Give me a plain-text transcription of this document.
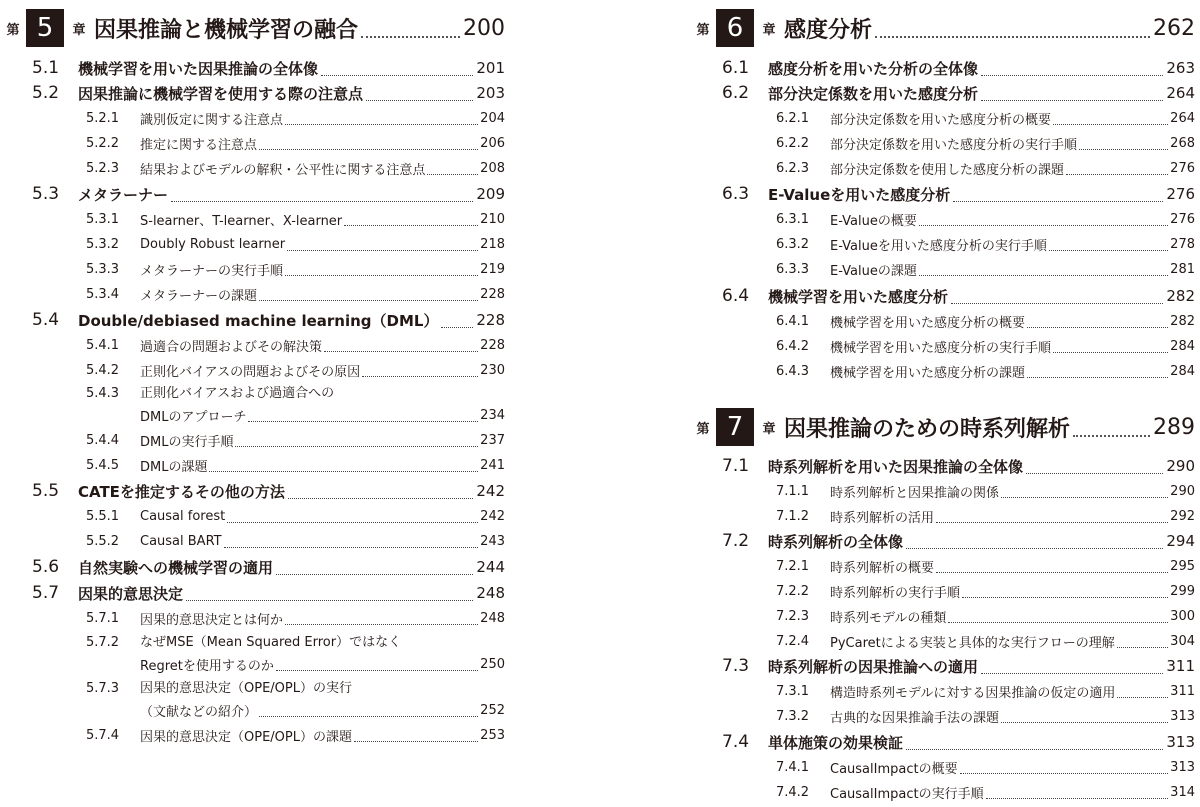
第 5	章 因果推論と機械学習の融合	200
5.1	機械学習を用いた因果推論の全体像	201
5.2	因果推論に機械学習を使用する際の注意点	203
5.2.1	識別仮定に関する注意点	204
5.2.2	推定に関する注意点	206
5.2.3	結果およびモデルの解釈・公平性に関する注意点	208
5.3	メタラーナー	209
5.3.1	S-learner、T-learner、X-learner	210
5.3.2	Doubly Robust learner	218
5.3.3	メタラーナーの実行手順	219
5.3.4	メタラーナーの課題	228
5.4	Double/debiased machine learning（DML）	228
5.4.1	過適合の問題およびその解決策	228
5.4.2	正則化バイアスの問題およびその原因	230
5.4.3	正則化バイアスおよび過適合への
DMLのアプローチ	234
5.4.4	DMLの実行手順	237
5.4.5	DMLの課題	241
5.5	CATEを推定するその他の方法	242
5.5.1	Causal forest	242
5.5.2	Causal BART	243
5.6	自然実験への機械学習の適用	244
5.7	因果的意思決定	248
5.7.1	因果的意思決定とは何か	248
5.7.2	なぜMSE（Mean Squared Error）ではなく
Regretを使用するのか	250
5.7.3	因果的意思決定（OPE/OPL）の実行
（文献などの紹介）	252
5.7.4	因果的意思決定（OPE/OPL）の課題	253
第 6	章 感度分析	262
6.1	感度分析を用いた分析の全体像	263
6.2	部分決定係数を用いた感度分析	264
6.2.1	部分決定係数を用いた感度分析の概要	264
6.2.2	部分決定係数を用いた感度分析の実行手順	268
6.2.3	部分決定係数を使用した感度分析の課題	276
6.3	E-Valueを用いた感度分析	276
6.3.1	E-Valueの概要	276
6.3.2	E-Valueを用いた感度分析の実行手順	278
6.3.3	E-Valueの課題	281
6.4	機械学習を用いた感度分析	282
6.4.1	機械学習を用いた感度分析の概要	282
6.4.2	機械学習を用いた感度分析の実行手順	284
6.4.3	機械学習を用いた感度分析の課題	284
第 7	章 因果推論のための時系列解析	289
7.1	時系列解析を用いた因果推論の全体像	290
7.1.1	時系列解析と因果推論の関係	290
7.1.2	時系列解析の活用	292
7.2	時系列解析の全体像	294
7.2.1	時系列解析の概要	295
7.2.2	時系列解析の実行手順	299
7.2.3	時系列モデルの種類	300
7.2.4	PyCaretによる実装と具体的な実行フローの理解	304
7.3	時系列解析の因果推論への適用	311
7.3.1	構造時系列モデルに対する因果推論の仮定の適用	311
7.3.2	古典的な因果推論手法の課題	313
7.4	単体施策の効果検証	313
7.4.1	CausalImpactの概要	313
7.4.2	CausalImpactの実行手順	314
